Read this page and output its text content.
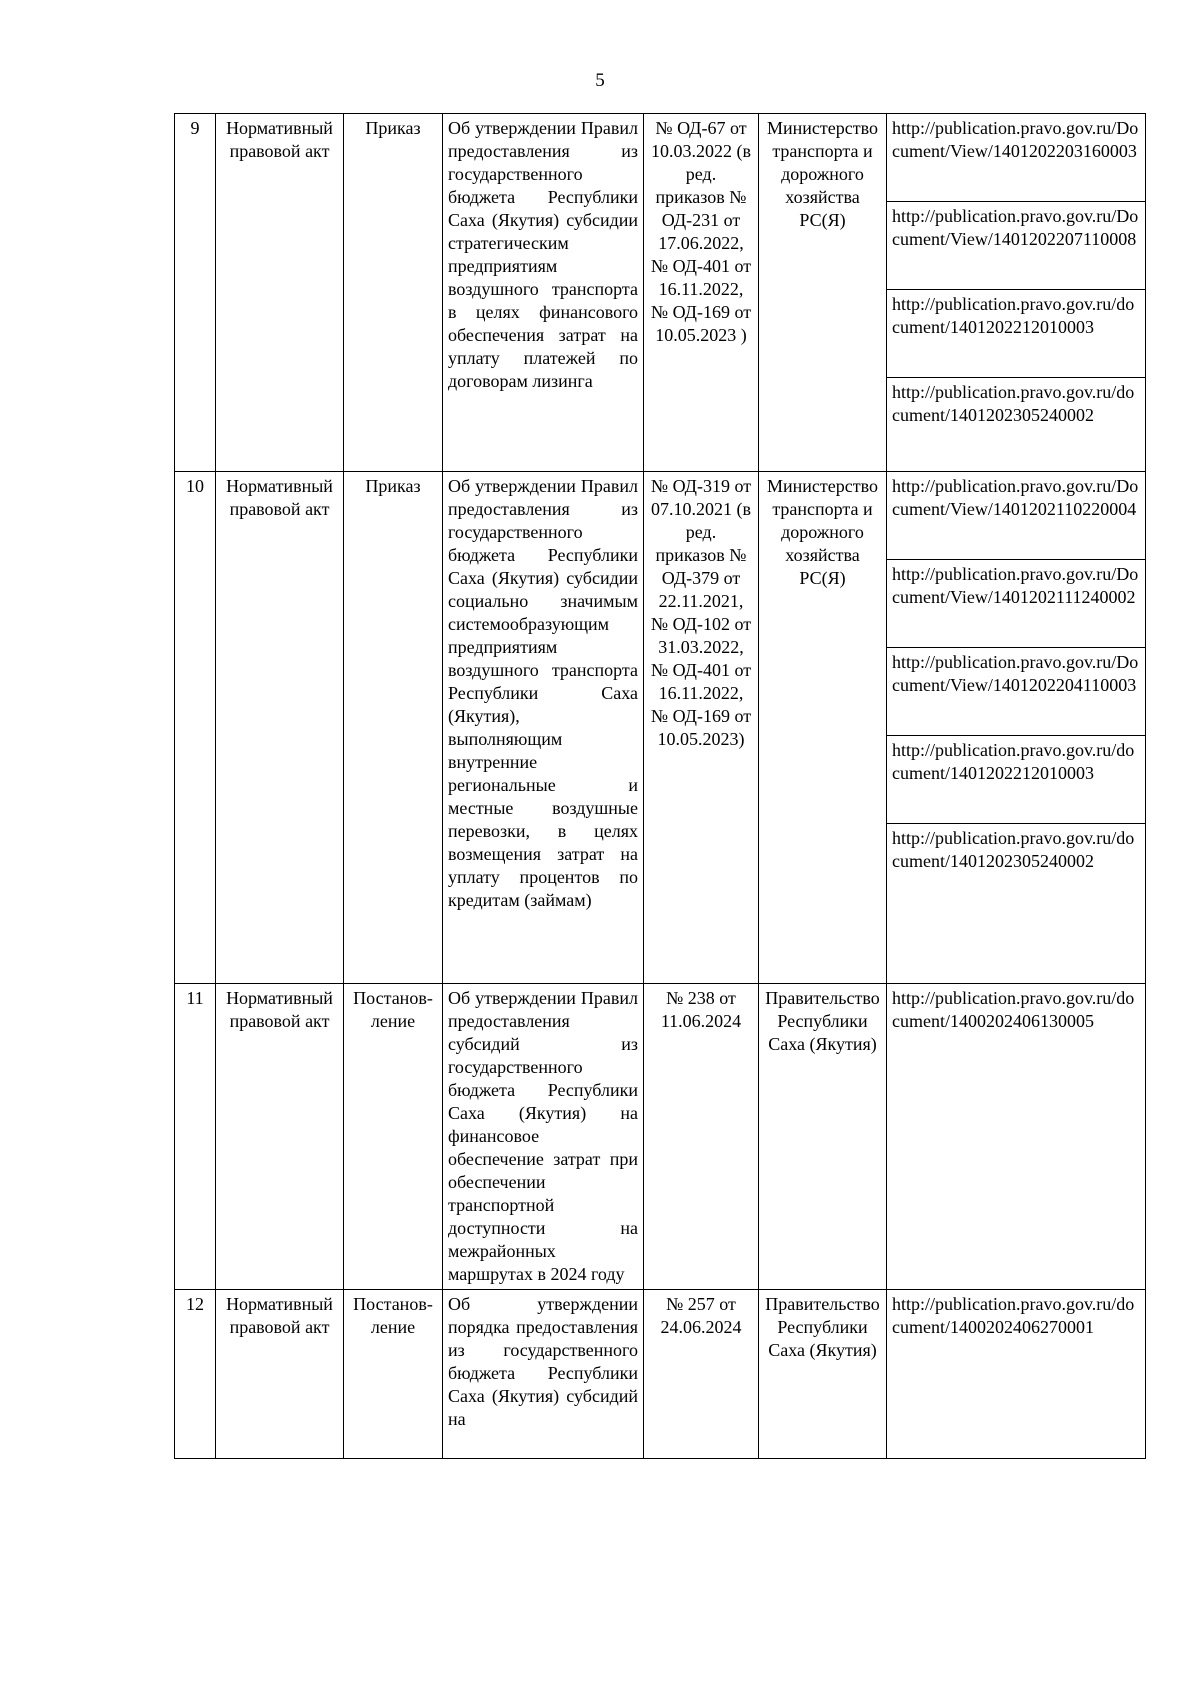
5
9	Нормативный правовой акт	Приказ	Об утверждении Правил предоставления из государственного бюджета Республики Саха (Якутия) субсидии стратегическим предприятиям воздушного транспорта в целях финансового обеспечения затрат на уплату платежей по договорам лизинга	№ ОД-67 от 10.03.2022 (в ред. приказов № ОД-231 от 17.06.2022, № ОД-401 от 16.11.2022, № ОД-169 от 10.05.2023 )	Министерство транспорта и дорожного хозяйства РС(Я)	http://publication.pravo.gov.ru/Document/View/1401202203160003
						http://publication.pravo.gov.ru/Document/View/1401202207110008
						http://publication.pravo.gov.ru/document/1401202212010003
						http://publication.pravo.gov.ru/document/1401202305240002
10	Нормативный правовой акт	Приказ	Об утверждении Правил предоставления из государственного бюджета Республики Саха (Якутия) субсидии социально значимым системообразующим предприятиям воздушного транспорта Республики Саха (Якутия), выполняющим внутренние региональные и местные воздушные перевозки, в целях возмещения затрат на уплату процентов по кредитам (займам)	№ ОД-319 от 07.10.2021 (в ред. приказов № ОД-379 от 22.11.2021, № ОД-102 от 31.03.2022, № ОД-401 от 16.11.2022, № ОД-169 от 10.05.2023)	Министерство транспорта и дорожного хозяйства РС(Я)	http://publication.pravo.gov.ru/Document/View/1401202110220004
						http://publication.pravo.gov.ru/Document/View/1401202111240002
						http://publication.pravo.gov.ru/Document/View/1401202204110003
						http://publication.pravo.gov.ru/document/1401202212010003
						http://publication.pravo.gov.ru/document/1401202305240002
11	Нормативный правовой акт	Постанов-ление	Об утверждении Правил предоставления субсидий из государственного бюджета Республики Саха (Якутия) на финансовое обеспечение затрат при обеспечении транспортной доступности на межрайонных маршрутах в 2024 году	№ 238 от 11.06.2024	Правительство Республики Саха (Якутия)	http://publication.pravo.gov.ru/document/1400202406130005
12	Нормативный правовой акт	Постанов-ление	Об утверждении порядка предоставления из государственного бюджета Республики Саха (Якутия) субсидий на	№ 257 от 24.06.2024	Правительство Республики Саха (Якутия)	http://publication.pravo.gov.ru/document/1400202406270001
